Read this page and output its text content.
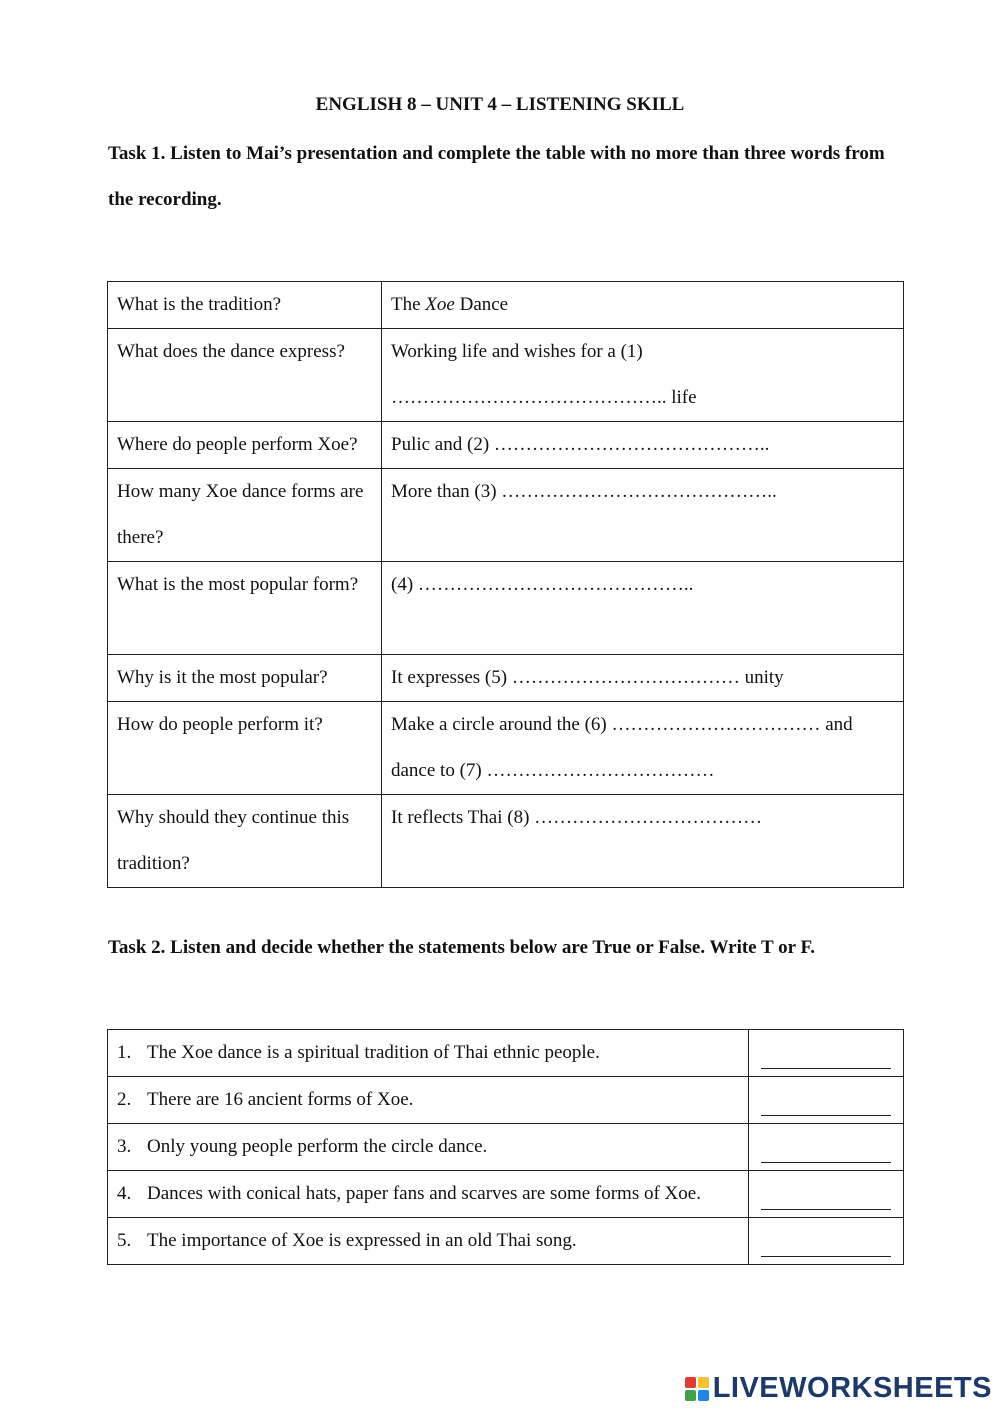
ENGLISH 8 – UNIT 4 – LISTENING SKILL
Task 1. Listen to Mai’s presentation and complete the table with no more than three words from the recording.
What is the tradition?	The Xoe Dance
What does the dance express?	Working life and wishes for a (1) …………………………………….. life
Where do people perform Xoe?	Pulic and (2) ……………………………………..
How many Xoe dance forms are there?	More than (3) ……………………………………..
What is the most popular form?	(4) ……………………………………..
Why is it the most popular?	It expresses (5) ……………………………… unity
How do people perform it?	Make a circle around the (6) …………………………… and dance to (7) ………………………………
Why should they continue this tradition?	It reflects Thai (8) ………………………………
Task 2. Listen and decide whether the statements below are True or False. Write T or F.
1. The Xoe dance is a spiritual tradition of Thai ethnic people.	
2. There are 16 ancient forms of Xoe.	
3. Only young people perform the circle dance.	
4. Dances with conical hats, paper fans and scarves are some forms of Xoe.	
5. The importance of Xoe is expressed in an old Thai song.	
LIVEWORKSHEETS
